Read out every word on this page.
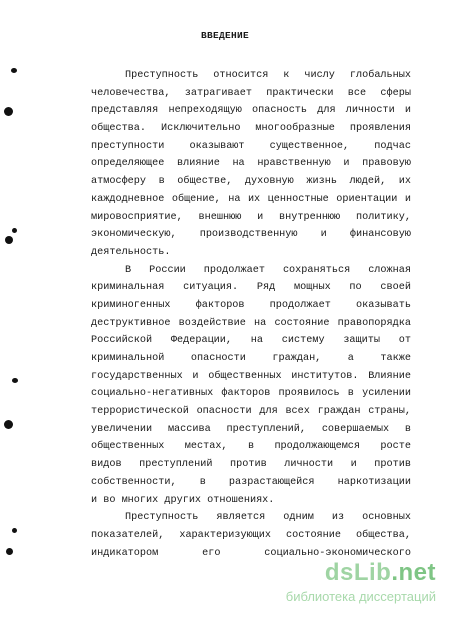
ВВЕДЕНИЕ
Преступность относится к числу глобальных
человечества, затрагивает практически все сферы
представляя непреходящую опасность для личности и
общества. Исключительно многообразные проявления
преступности оказывают существенное, подчас
определяющее влияние на нравственную и правовую
атмосферу в обществе, духовную жизнь людей, их
каждодневное общение, на их ценностные ориентации и
мировосприятие, внешнюю и внутреннюю политику,
экономическую, производственную и финансовую
деятельность.
В России продолжает сохраняться сложная
криминальная ситуация. Ряд мощных по своей
криминогенных факторов продолжает оказывать
деструктивное воздействие на состояние правопорядка
Российской Федерации, на систему защиты от
криминальной опасности граждан, а также
государственных и общественных институтов. Влияние
социально-негативных факторов проявилось в усилении
террористической опасности для всех граждан страны,
увеличении массива преступлений, совершаемых в
общественных местах, в продолжающемся росте
видов преступлений против личности и против
собственности, в разрастающейся наркотизации
и во многих других отношениях.
Преступность является одним из основных
показателей, характеризующих состояние общества,
индикатором его социально-экономического
dsLib.net
библиотека диссертаций
